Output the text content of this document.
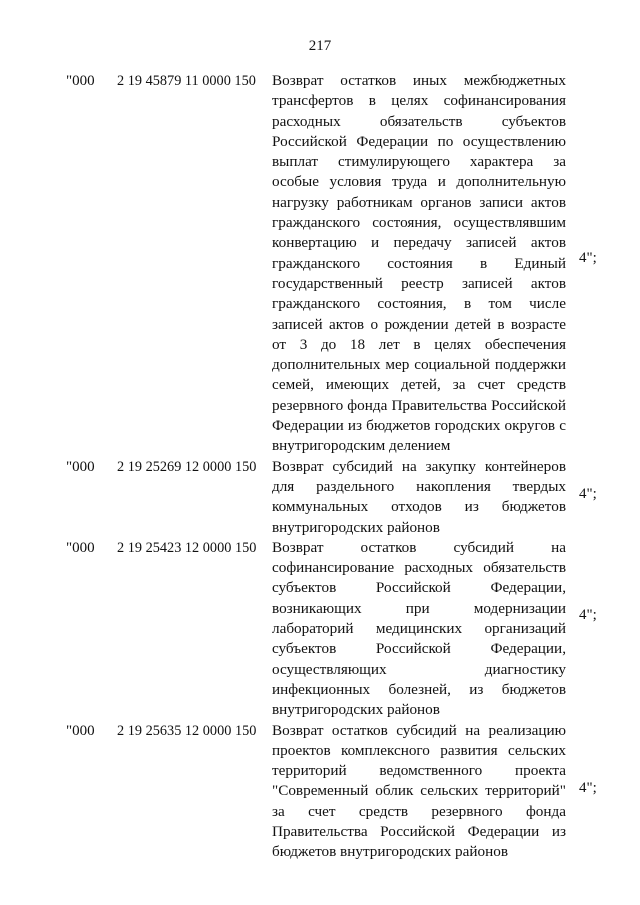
217
"000 2 19 45879 11 0000 150 Возврат остатков иных межбюджетных трансфертов в целях софинансирования расходных обязательств субъектов Российской Федерации по осуществлению выплат стимулирующего характера за особые условия труда и дополнительную нагрузку работникам органов записи актов гражданского состояния, осуществлявшим конвертацию и передачу записей актов гражданского состояния в Единый государственный реестр записей актов гражданского состояния, в том числе записей актов о рождении детей в возрасте от 3 до 18 лет в целях обеспечения дополнительных мер социальной поддержки семей, имеющих детей, за счет средств резервного фонда Правительства Российской Федерации из бюджетов городских округов с внутригородским делением
4";
"000 2 19 25269 12 0000 150 Возврат субсидий на закупку контейнеров для раздельного накопления твердых коммунальных отходов из бюджетов внутригородских районов
4";
"000 2 19 25423 12 0000 150 Возврат остатков субсидий на софинансирование расходных обязательств субъектов Российской Федерации, возникающих при модернизации лабораторий медицинских организаций субъектов Российской Федерации, осуществляющих диагностику инфекционных болезней, из бюджетов внутригородских районов
4";
"000 2 19 25635 12 0000 150 Возврат остатков субсидий на реализацию проектов комплексного развития сельских территорий ведомственного проекта "Современный облик сельских территорий" за счет средств резервного фонда Правительства Российской Федерации из бюджетов внутригородских районов
4";
